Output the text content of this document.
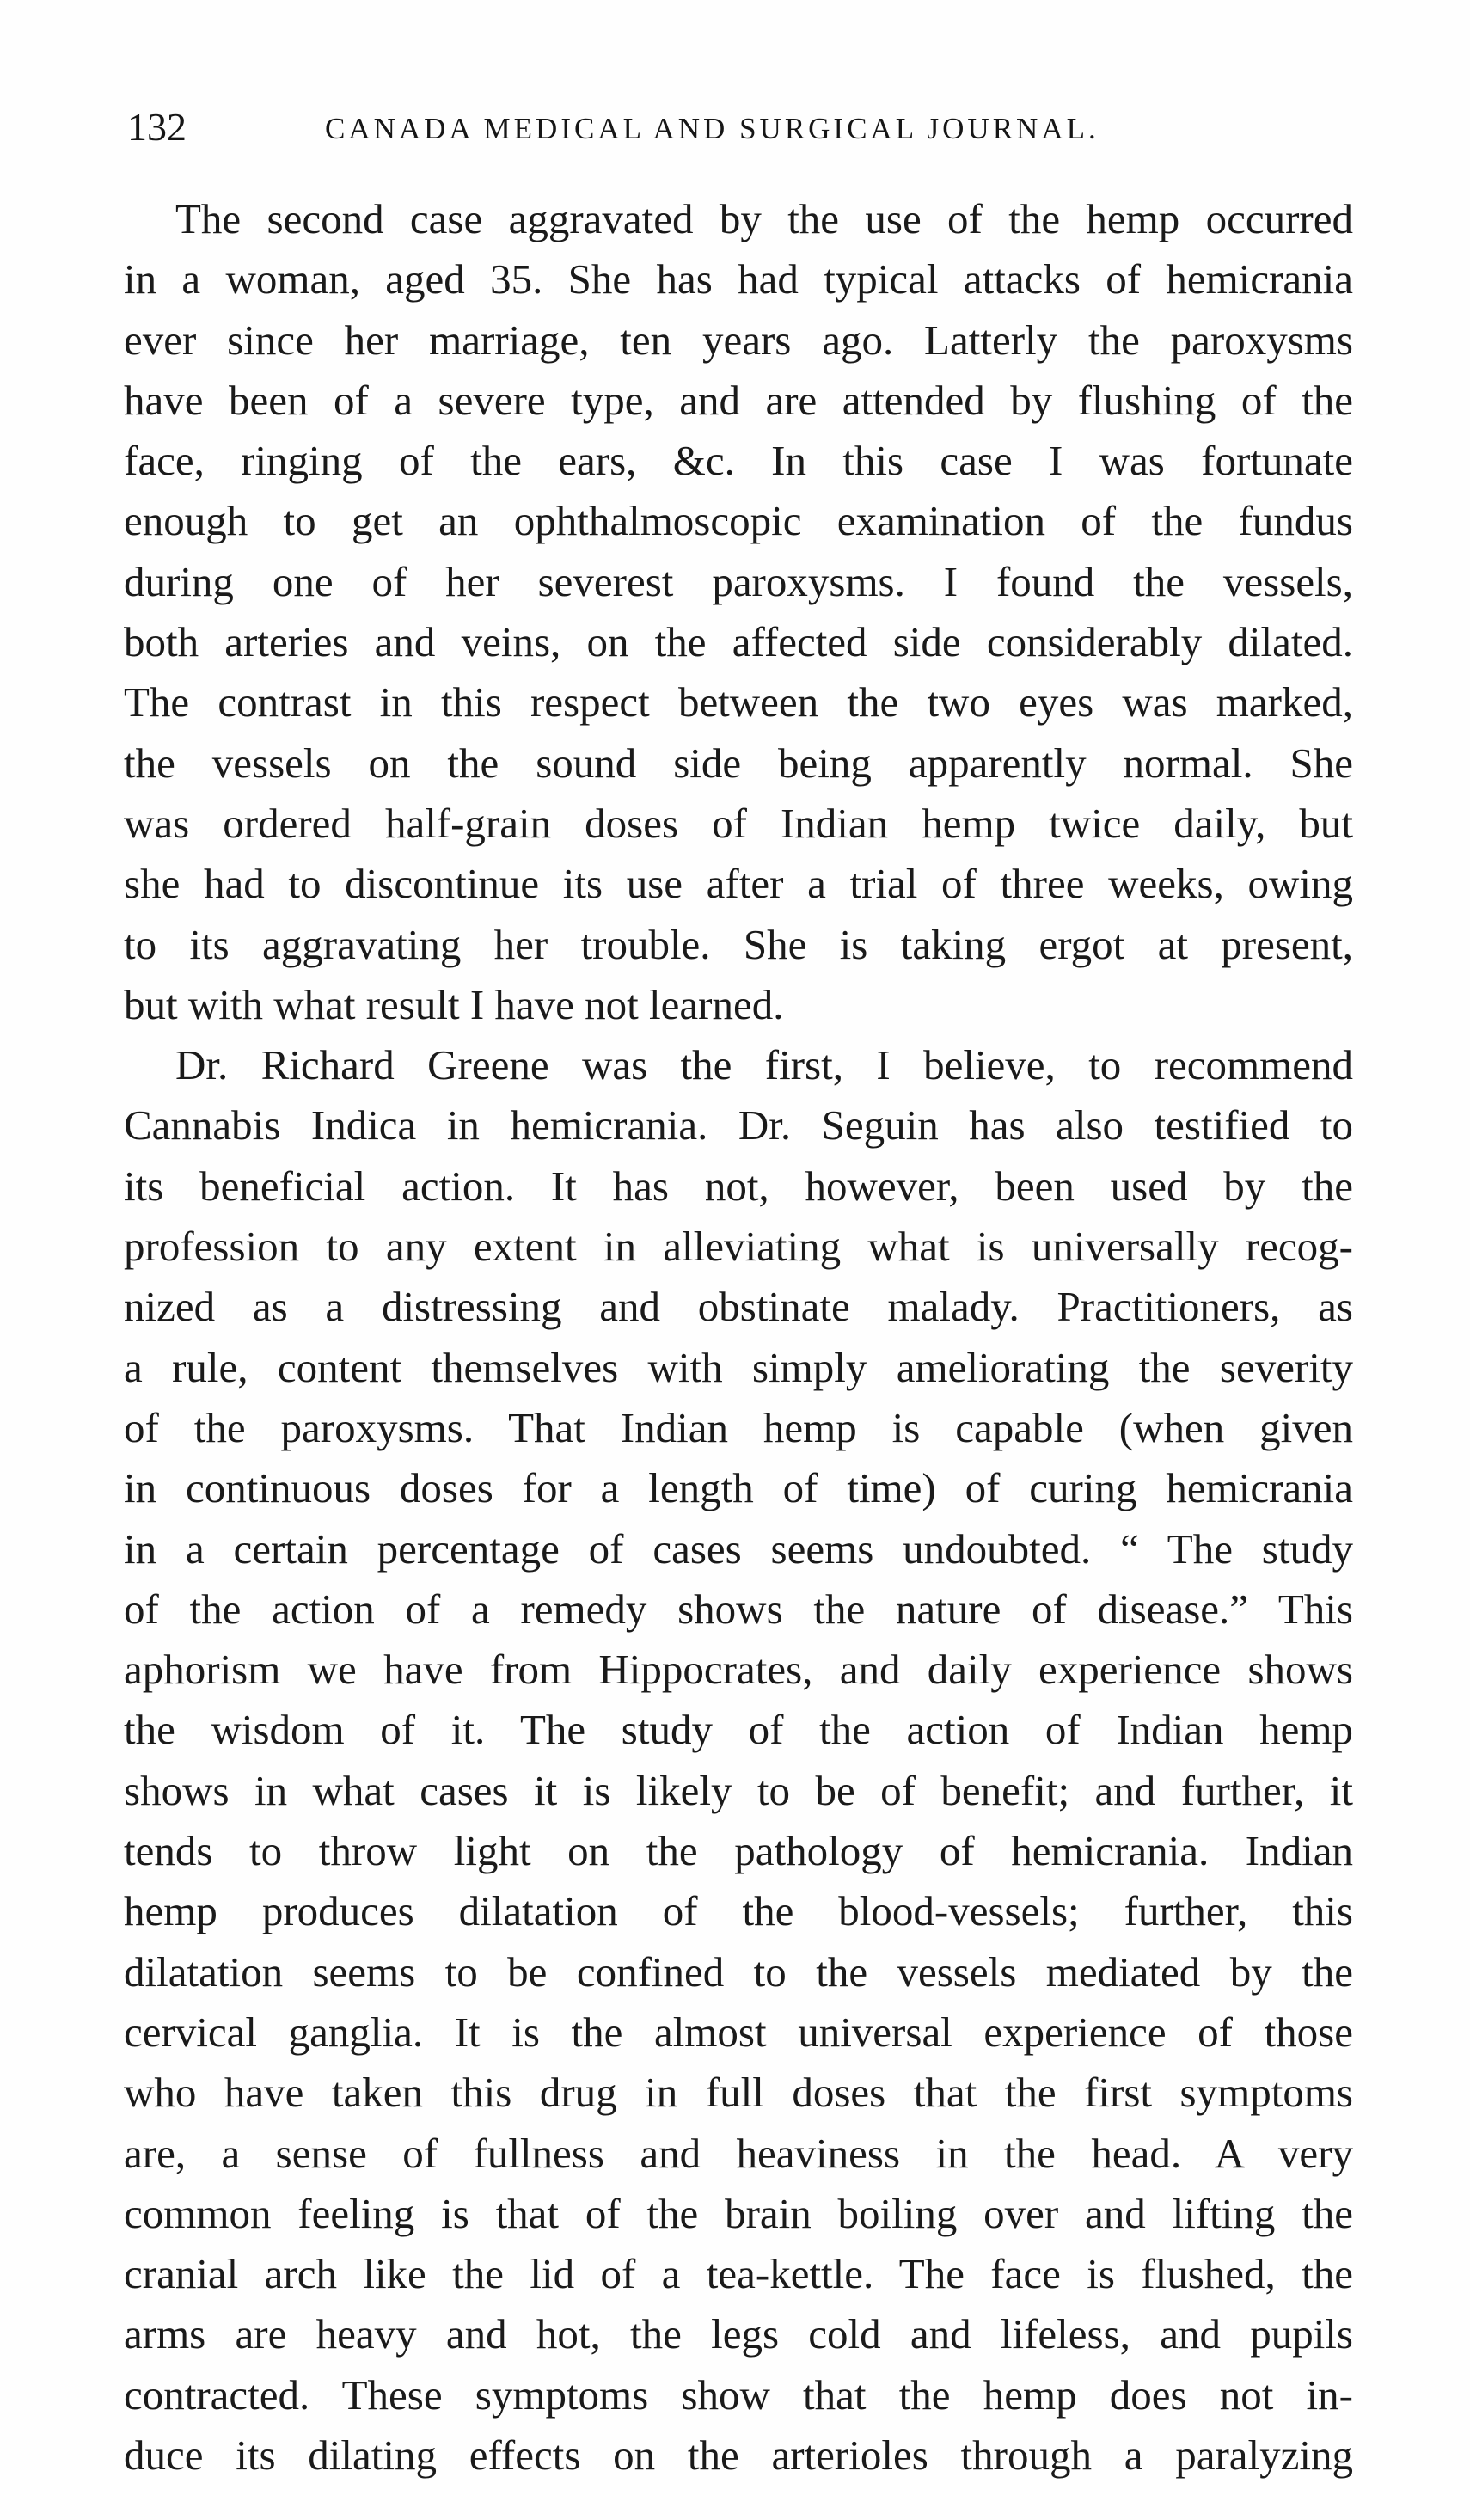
132	CANADA MEDICAL AND SURGICAL JOURNAL.
The second case aggravated by the use of the hemp occurred
in a woman, aged 35. She has had typical attacks of hemicrania
ever since her marriage, ten years ago. Latterly the paroxysms
have been of a severe type, and are attended by flushing of the
face, ringing of the ears, &c. In this case I was fortunate
enough to get an ophthalmoscopic examination of the fundus
during one of her severest paroxysms. I found the vessels,
both arteries and veins, on the affected side considerably dilated.
The contrast in this respect between the two eyes was marked,
the vessels on the sound side being apparently normal. She
was ordered half-grain doses of Indian hemp twice daily, but
she had to discontinue its use after a trial of three weeks, owing
to its aggravating her trouble. She is taking ergot at present,
but with what result I have not learned.
Dr. Richard Greene was the first, I believe, to recommend
Cannabis Indica in hemicrania. Dr. Seguin has also testified to
its beneficial action. It has not, however, been used by the
profession to any extent in alleviating what is universally recog-
nized as a distressing and obstinate malady. Practitioners, as
a rule, content themselves with simply ameliorating the severity
of the paroxysms. That Indian hemp is capable (when given
in continuous doses for a length of time) of curing hemicrania
in a certain percentage of cases seems undoubted. “ The study
of the action of a remedy shows the nature of disease.” This
aphorism we have from Hippocrates, and daily experience shows
the wisdom of it. The study of the action of Indian hemp
shows in what cases it is likely to be of benefit; and further, it
tends to throw light on the pathology of hemicrania. Indian
hemp produces dilatation of the blood-vessels; further, this
dilatation seems to be confined to the vessels mediated by the
cervical ganglia. It is the almost universal experience of those
who have taken this drug in full doses that the first symptoms
are, a sense of fullness and heaviness in the head. A very
common feeling is that of the brain boiling over and lifting the
cranial arch like the lid of a tea-kettle. The face is flushed, the
arms are heavy and hot, the legs cold and lifeless, and pupils
contracted. These symptoms show that the hemp does not in-
duce its dilating effects on the arterioles through a paralyzing
